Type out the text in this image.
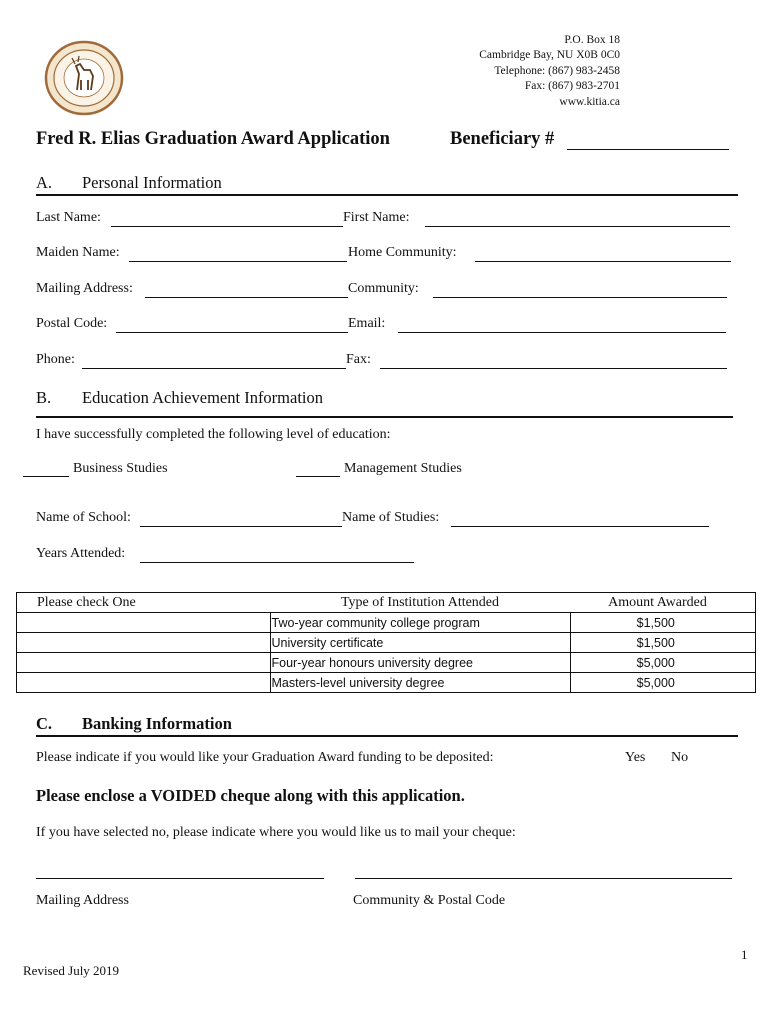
P.O. Box 18
Cambridge Bay, NU X0B 0C0
Telephone: (867) 983-2458
Fax: (867) 983-2701
www.kitia.ca
Fred R. Elias Graduation Award Application	Beneficiary #
A. Personal Information
Last Name:	First Name:
Maiden Name:	Home Community:
Mailing Address:	Community:
Postal Code:	Email:
Phone:	Fax:
B. Education Achievement Information
I have successfully completed the following level of education:
Business Studies	Management Studies
Name of School:	Name of Studies:
Years Attended:
Please check One	Type of Institution Attended	Amount Awarded
	Two-year community college program	$1,500
	University certificate	$1,500
	Four-year honours university degree	$5,000
	Masters-level university degree	$5,000
C. Banking Information
Please indicate if you would like your Graduation Award funding to be deposited:	Yes No
Please enclose a VOIDED cheque along with this application.
If you have selected no, please indicate where you would like us to mail your cheque:
Mailing Address	Community & Postal Code
1
Revised July 2019
